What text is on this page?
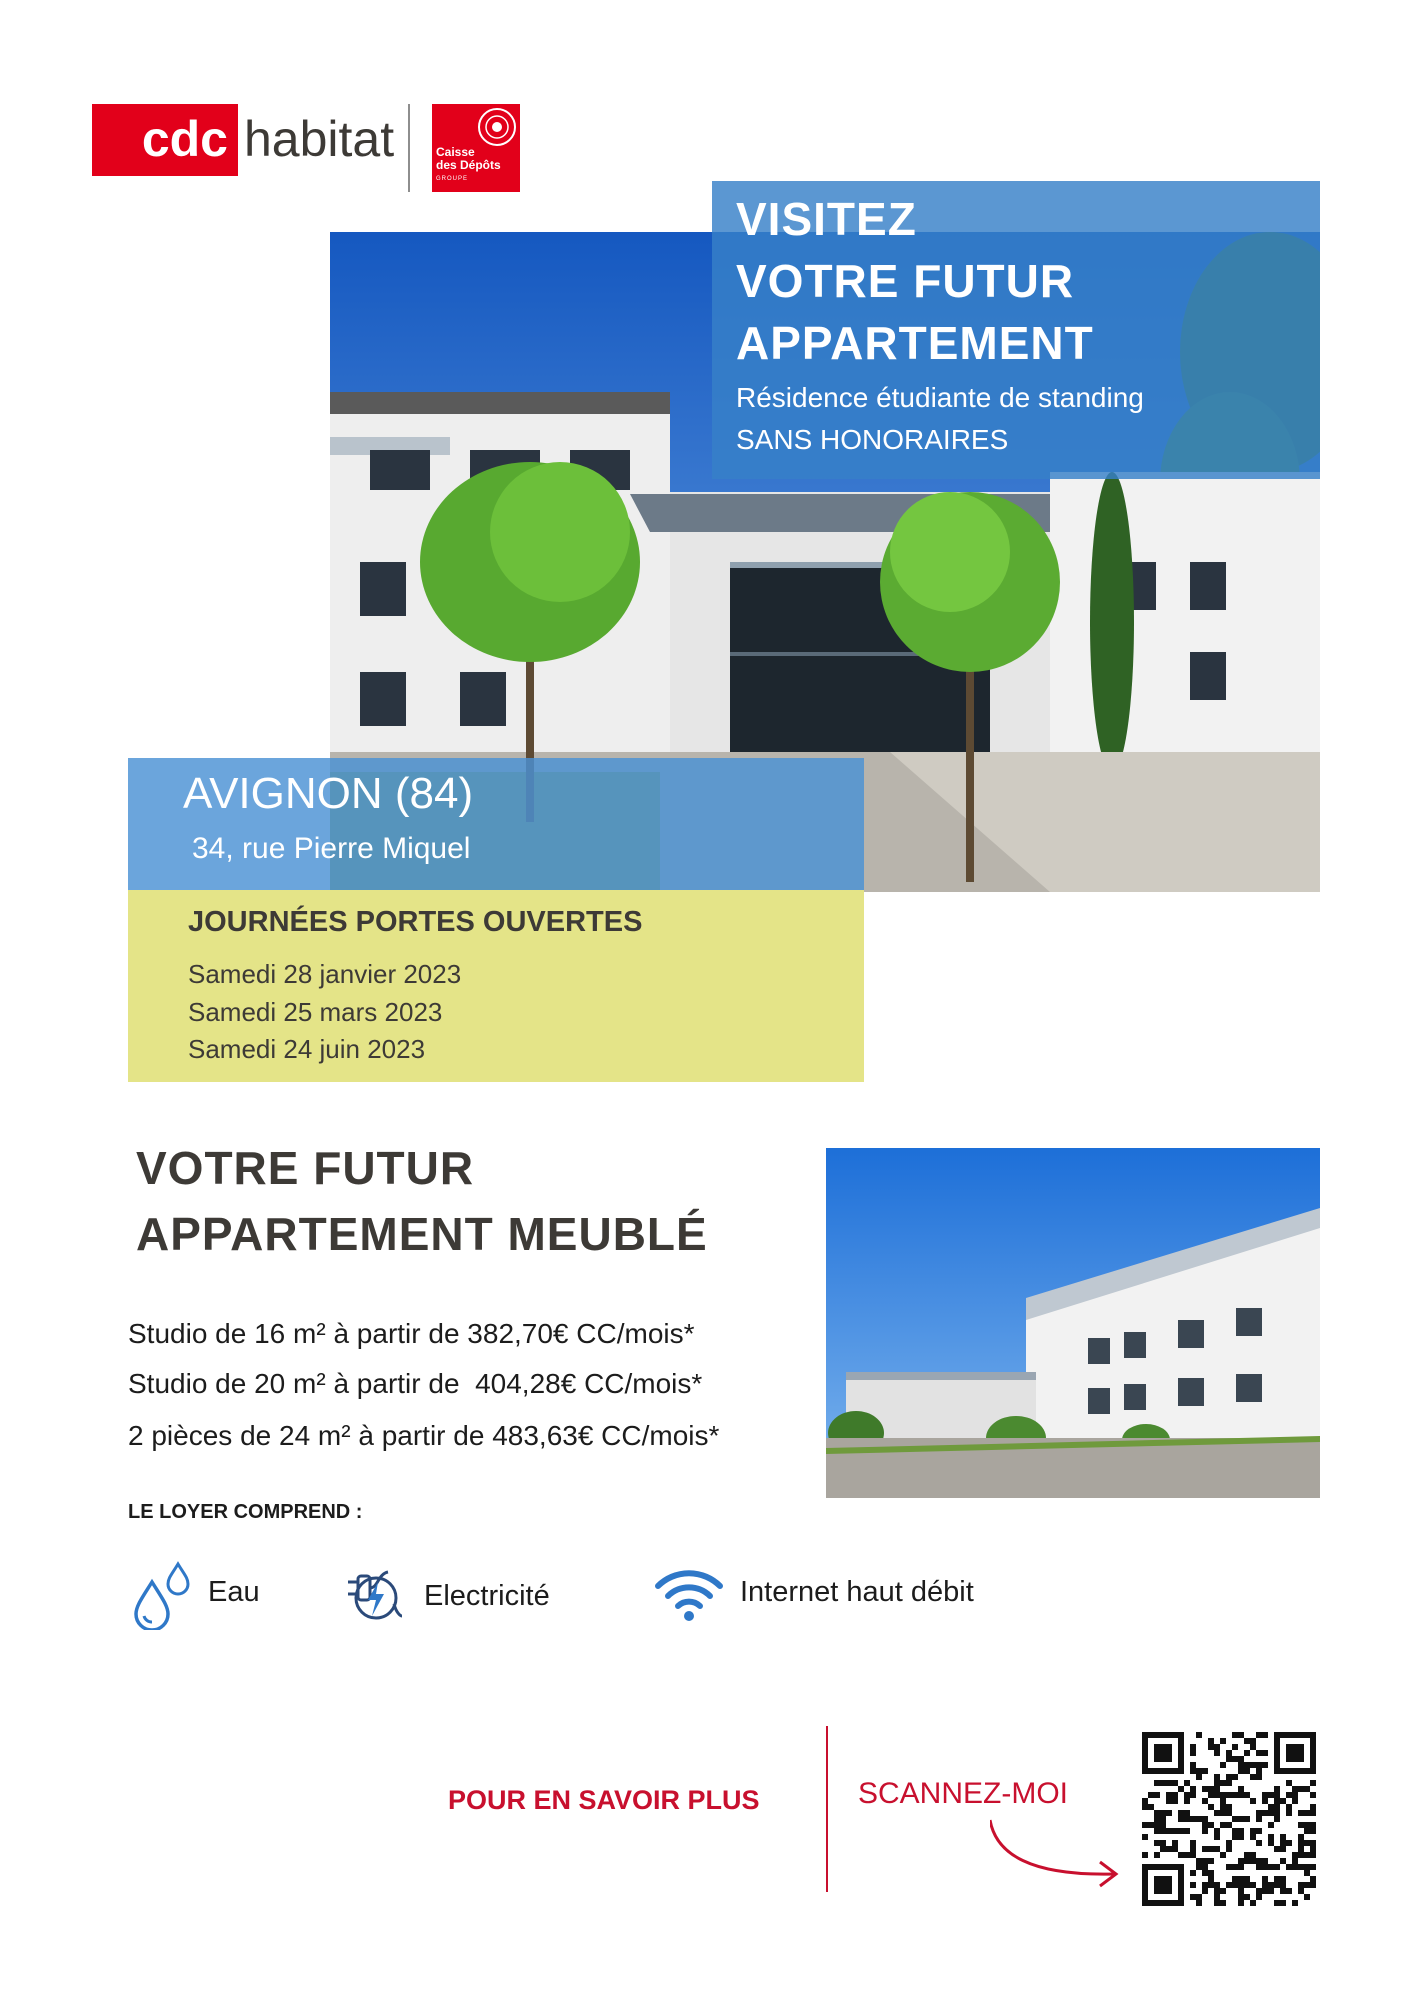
cdc habitat	Caisse
des Dépôts
GROUPE
VISITEZ
VOTRE FUTUR
APPARTEMENT
Résidence étudiante de standing
SANS HONORAIRES
AVIGNON (84)
34, rue Pierre Miquel
JOURNÉES PORTES OUVERTES
Samedi 28 janvier 2023
Samedi 25 mars 2023
Samedi 24 juin 2023
VOTRE FUTUR
APPARTEMENT MEUBLÉ
Studio de 16 m² à partir de 382,70€ CC/mois*
Studio de 20 m² à partir de  404,28€ CC/mois*
2 pièces de 24 m² à partir de 483,63€ CC/mois*
LE LOYER COMPREND :
Eau	Electricité	Internet haut débit
POUR EN SAVOIR PLUS	SCANNEZ-MOI
